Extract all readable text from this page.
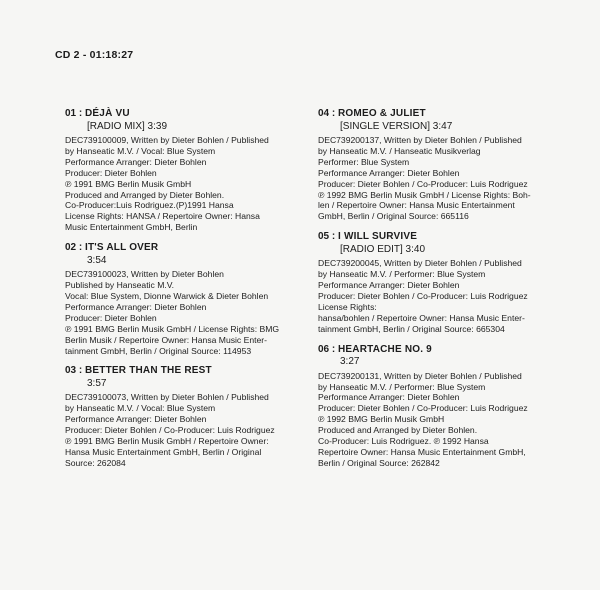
CD 2 - 01:18:27
01 : DÉJÀ VU
[RADIO MIX] 3:39
DEC739100009, Written by Dieter Bohlen / Published
by Hanseatic M.V. / Vocal: Blue System
Performance Arranger: Dieter Bohlen
Producer: Dieter Bohlen
℗ 1991 BMG Berlin Musik GmbH
Produced and Arranged by Dieter Bohlen.
Co-Producer:Luis Rodriguez.(P)1991 Hansa
License Rights: HANSA / Repertoire Owner: Hansa
Music Entertainment GmbH, Berlin
02 : IT'S ALL OVER
3:54
DEC739100023, Written by Dieter Bohlen
Published by Hanseatic M.V.
Vocal: Blue System, Dionne Warwick & Dieter Bohlen
Performance Arranger: Dieter Bohlen
Producer: Dieter Bohlen
℗ 1991 BMG Berlin Musik GmbH / License Rights: BMG
Berlin Musik / Repertoire Owner: Hansa Music Enter-
tainment GmbH, Berlin / Original Source: 114953
03 : BETTER THAN THE REST
3:57
DEC739100073, Written by Dieter Bohlen / Published
by Hanseatic M.V. / Vocal: Blue System
Performance Arranger: Dieter Bohlen
Producer: Dieter Bohlen / Co-Producer: Luis Rodriguez
℗ 1991 BMG Berlin Musik GmbH / Repertoire Owner:
Hansa Music Entertainment GmbH, Berlin / Original
Source: 262084
04 : ROMEO & JULIET
[SINGLE VERSION] 3:47
DEC739200137, Written by Dieter Bohlen / Published
by Hanseatic M.V. / Hanseatic Musikverlag
Performer: Blue System
Performance Arranger: Dieter Bohlen
Producer: Dieter Bohlen / Co-Producer: Luis Rodriguez
℗ 1992 BMG Berlin Musik GmbH / License Rights: Boh-
len / Repertoire Owner: Hansa Music Entertainment
GmbH, Berlin / Original Source: 665116
05 : I WILL SURVIVE
[RADIO EDIT] 3:40
DEC739200045, Written by Dieter Bohlen / Published
by Hanseatic M.V. / Performer: Blue System
Performance Arranger: Dieter Bohlen
Producer: Dieter Bohlen / Co-Producer: Luis Rodriguez
License Rights:
hansa/bohlen / Repertoire Owner: Hansa Music Enter-
tainment GmbH, Berlin / Original Source: 665304
06 : HEARTACHE NO. 9
3:27
DEC739200131, Written by Dieter Bohlen / Published
by Hanseatic M.V. / Performer: Blue System
Performance Arranger: Dieter Bohlen
Producer: Dieter Bohlen / Co-Producer: Luis Rodriguez
℗ 1992 BMG Berlin Musik GmbH
Produced and Arranged by Dieter Bohlen.
Co-Producer: Luis Rodriguez. ℗ 1992 Hansa
Repertoire Owner: Hansa Music Entertainment GmbH,
Berlin / Original Source: 262842
